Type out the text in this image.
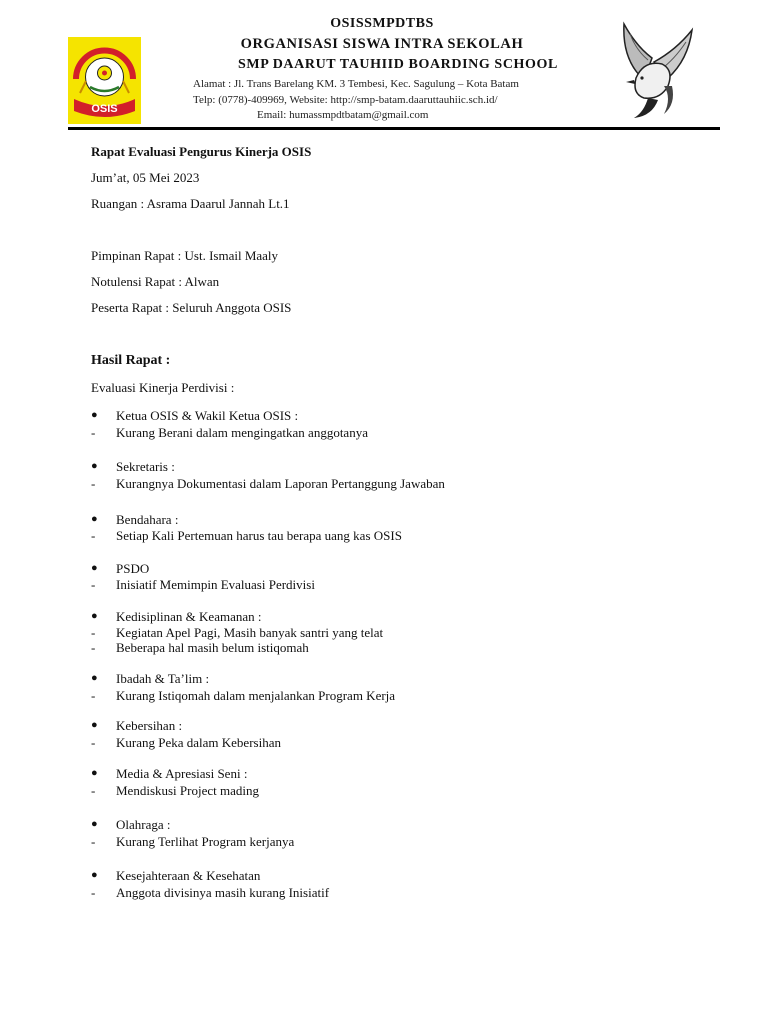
OSIS
OSISSMPDTBS
ORGANISASI SISWA INTRA SEKOLAH
SMP DAARUT TAUHIID BOARDING SCHOOL
Alamat : Jl. Trans Barelang KM. 3 Tembesi, Kec. Sagulung – Kota Batam
Telp: (0778)-409969, Website: http://smp-batam.daaruttauhiic.sch.id/
Email: humassmpdtbatam@gmail.com
Rapat Evaluasi Pengurus Kinerja OSIS
Jum’at, 05 Mei 2023
Ruangan : Asrama Daarul Jannah Lt.1
Pimpinan Rapat : Ust. Ismail Maaly
Notulensi Rapat : Alwan
Peserta Rapat : Seluruh Anggota OSIS
Hasil Rapat :
Evaluasi Kinerja Perdivisi :
●	Ketua OSIS & Wakil Ketua OSIS :
-	Kurang Berani dalam mengingatkan anggotanya
●	Sekretaris :
-	Kurangnya Dokumentasi dalam Laporan Pertanggung Jawaban
●	Bendahara :
-	Setiap Kali Pertemuan harus tau berapa uang kas OSIS
●	PSDO
-	Inisiatif Memimpin Evaluasi Perdivisi
●	Kedisiplinan & Keamanan :
-	Kegiatan Apel Pagi, Masih banyak santri yang telat
-	Beberapa hal masih belum istiqomah
●	Ibadah & Ta’lim :
-	Kurang Istiqomah dalam menjalankan Program Kerja
●	Kebersihan :
-	Kurang Peka dalam Kebersihan
●	Media & Apresiasi Seni :
-	Mendiskusi Project mading
●	Olahraga :
-	Kurang Terlihat Program kerjanya
●	Kesejahteraan & Kesehatan
-	Anggota divisinya masih kurang Inisiatif
